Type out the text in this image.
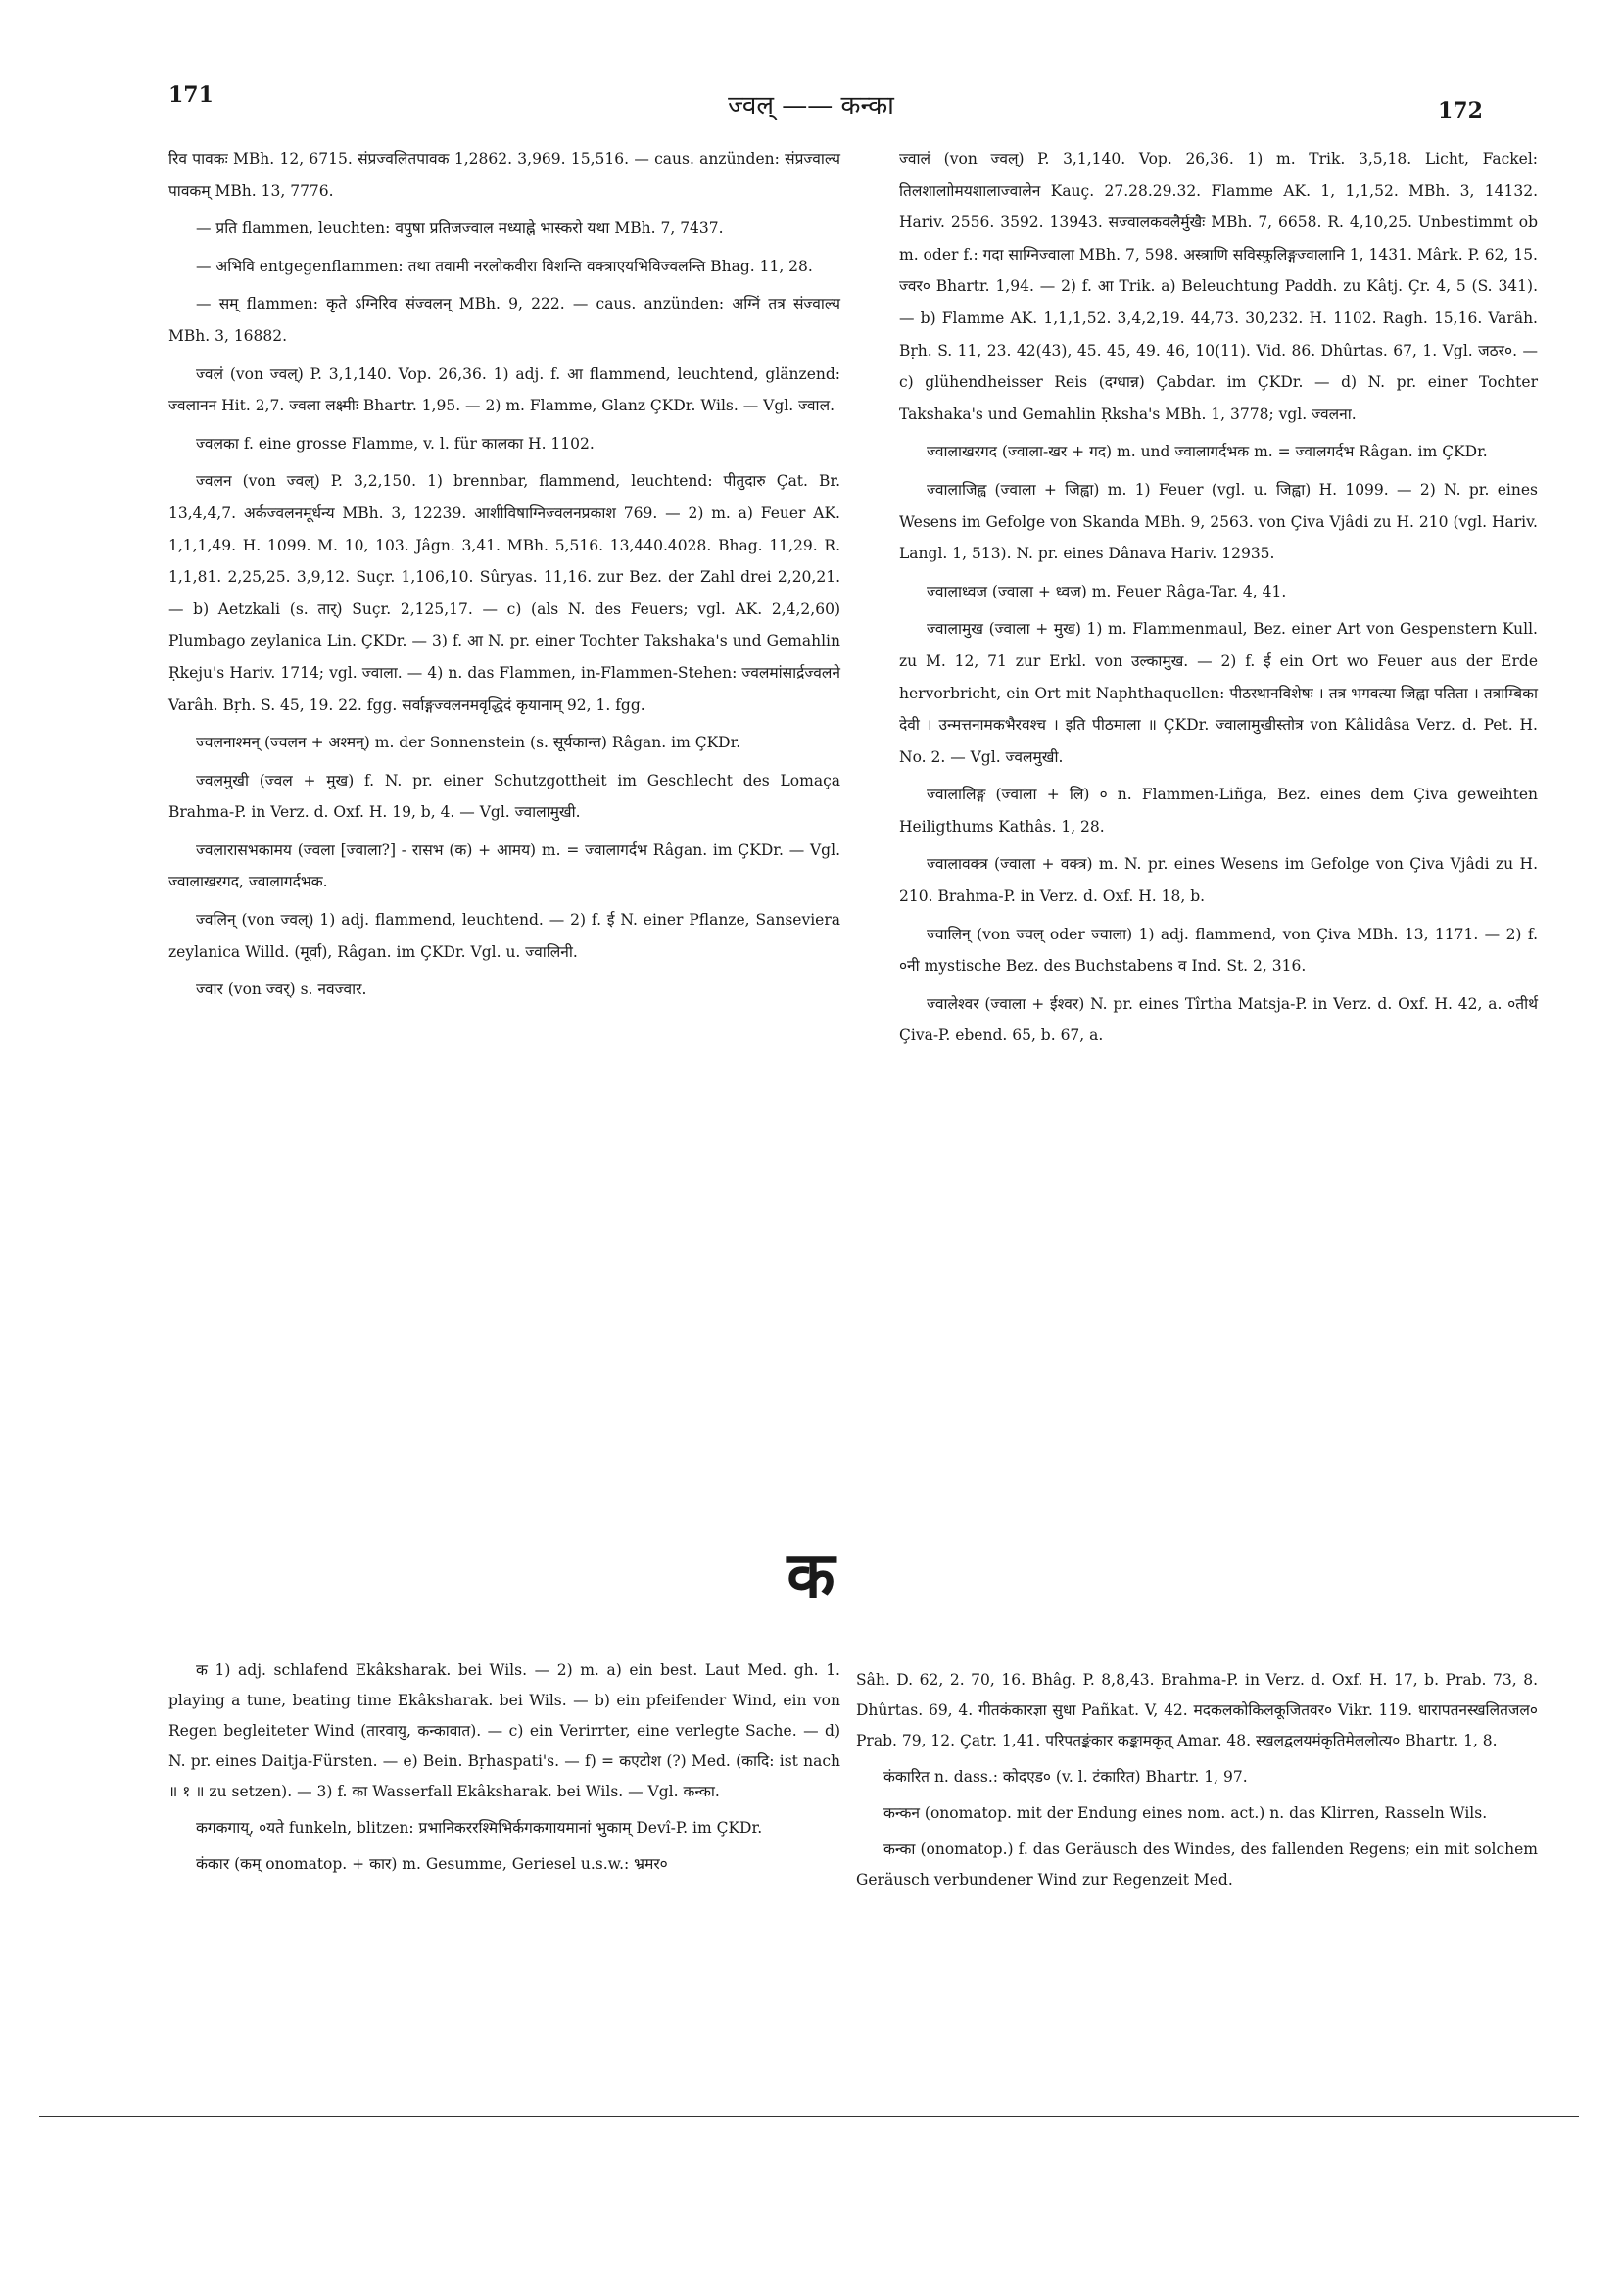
171	ज्वल् —— कन्का	172

रिव पावकः MBh. 12, 6715. संप्रज्वलितपावक 1,2862. 3,969. 15,516. — caus. anzünden: संप्रज्वाल्य पावकम् MBh. 13, 7776.

— प्रति flammen, leuchten: वपुषा प्रतिजज्वाल मध्याह्ने भास्करो यथा MBh. 7, 7437.

— अभिवि entgegenflammen: तथा तवामी नरलोकवीरा विशन्ति वक्त्राएयभिविज्वलन्ति Bhag. 11, 28.

— सम् flammen: कृते ऽग्निरिव संज्वलन् MBh. 9, 222. — caus. anzünden: अग्निं तत्र संज्वाल्य MBh. 3, 16882.

ज्वलं (von ज्वल्) P. 3,1,140. Vop. 26,36. 1) adj. f. आ flammend, leuchtend, glänzend: ज्वलानन Hit. 2,7. ज्वला लक्ष्मीः Bhartr. 1,95. — 2) m. Flamme, Glanz ÇKDr. Wils. — Vgl. ज्वाल.

ज्वलका f. eine grosse Flamme, v. l. für कालका H. 1102.

ज्वलन (von ज्वल्) P. 3,2,150. 1) brennbar, flammend, leuchtend: पीतुदारु Çat. Br. 13,4,4,7. अर्कज्वलनमूर्धन्य MBh. 3, 12239. आशीविषाग्निज्वलनप्रकाश 769. — 2) m. a) Feuer AK. 1,1,1,49. H. 1099. M. 10, 103. Jâgn. 3,41. MBh. 5,516. 13,440.4028. Bhag. 11,29. R. 1,1,81. 2,25,25. 3,9,12. Suçr. 1,106,10. Sûryas. 11,16. zur Bez. der Zahl drei 2,20,21. — b) Aetzkali (s. तार्) Suçr. 2,125,17. — c) (als N. des Feuers; vgl. AK. 2,4,2,60) Plumbago zeylanica Lin. ÇKDr. — 3) f. आ N. pr. einer Tochter Takshaka's und Gemahlin Ṛkeju's Hariv. 1714; vgl. ज्वाला. — 4) n. das Flammen, in-Flammen-Stehen: ज्वलमांसार्द्रज्वलने Varâh. Bṛh. S. 45, 19. 22. fgg. सर्वाङ्गज्वलनमवृद्धिदं कृयानाम् 92, 1. fgg.

ज्वलनाश्मन् (ज्वलन + अश्मन्) m. der Sonnenstein (s. सूर्यकान्त) Râgan. im ÇKDr.

ज्वलमुखी (ज्वल + मुख) f. N. pr. einer Schutzgottheit im Geschlecht des Lomaça Brahma-P. in Verz. d. Oxf. H. 19, b, 4. — Vgl. ज्वालामुखी.

ज्वलारासभकामय (ज्वला [ज्वाला?] - रासभ (क) + आमय) m. = ज्वालागर्दभ Râgan. im ÇKDr. — Vgl. ज्वालाखरगद, ज्वालागर्दभक.

ज्वलिन् (von ज्वल्) 1) adj. flammend, leuchtend. — 2) f. ई N. einer Pflanze, Sanseviera zeylanica Willd. (मूर्वा), Râgan. im ÇKDr. Vgl. u. ज्वालिनी.

ज्वार (von ज्वर्) s. नवज्वार.

ज्वालं (von ज्वल्) P. 3,1,140. Vop. 26,36. 1) m. Trik. 3,5,18. Licht, Fackel: तिलशालाोमयशालाज्वालेन Kauç. 27.28.29.32. Flamme AK. 1, 1,1,52. MBh. 3, 14132. Hariv. 2556. 3592. 13943. सज्वालकवलैर्मुखैः MBh. 7, 6658. R. 4,10,25. Unbestimmt ob m. oder f.: गदा साग्निज्वाला MBh. 7, 598. अस्त्राणि सविस्फुलिङ्गज्वालानि 1, 1431. Mârk. P. 62, 15. ज्वर० Bhartr. 1,94. — 2) f. आ Trik. a) Beleuchtung Paddh. zu Kâtj. Çr. 4, 5 (S. 341). — b) Flamme AK. 1,1,1,52. 3,4,2,19. 44,73. 30,232. H. 1102. Ragh. 15,16. Varâh. Bṛh. S. 11, 23. 42(43), 45. 45, 49. 46, 10(11). Vid. 86. Dhûrtas. 67, 1. Vgl. जठर०. — c) glühendheisser Reis (दग्धान्न) Çabdar. im ÇKDr. — d) N. pr. einer Tochter Takshaka's und Gemahlin Ṛksha's MBh. 1, 3778; vgl. ज्वलना.

ज्वालाखरगद (ज्वाला-खर + गद) m. und ज्वालागर्दभक m. = ज्वालगर्दभ Râgan. im ÇKDr.

ज्वालाजिह्व (ज्वाला + जिह्वा) m. 1) Feuer (vgl. u. जिह्वा) H. 1099. — 2) N. pr. eines Wesens im Gefolge von Skanda MBh. 9, 2563. von Çiva Vjâdi zu H. 210 (vgl. Hariv. Langl. 1, 513). N. pr. eines Dânava Hariv. 12935.

ज्वालाध्वज (ज्वाला + ध्वज) m. Feuer Râga-Tar. 4, 41.

ज्वालामुख (ज्वाला + मुख) 1) m. Flammenmaul, Bez. einer Art von Gespenstern Kull. zu M. 12, 71 zur Erkl. von उल्कामुख. — 2) f. ई ein Ort wo Feuer aus der Erde hervorbricht, ein Ort mit Naphthaquellen: पीठस्थानविशेषः । तत्र भगवत्या जिह्वा पतिता । तत्राम्बिका देवी । उन्मत्तनामकभैरवश्च । इति पीठमाला ॥ ÇKDr. ज्वालामुखीस्तोत्र von Kâlidâsa Verz. d. Pet. H. No. 2. — Vgl. ज्वलमुखी.

ज्वालालिङ्ग (ज्वाला + लि) ० n. Flammen-Liñga, Bez. eines dem Çiva geweihten Heiligthums Kathâs. 1, 28.

ज्वालावक्त्र (ज्वाला + वक्त्र) m. N. pr. eines Wesens im Gefolge von Çiva Vjâdi zu H. 210. Brahma-P. in Verz. d. Oxf. H. 18, b.

ज्वालिन् (von ज्वल् oder ज्वाला) 1) adj. flammend, von Çiva MBh. 13, 1171. — 2) f. ०नी mystische Bez. des Buchstabens व Ind. St. 2, 316.

ज्वालेश्वर (ज्वाला + ईश्वर) N. pr. eines Tîrtha Matsja-P. in Verz. d. Oxf. H. 42, a. ०तीर्थ Çiva-P. ebend. 65, b. 67, a.

क

क 1) adj. schlafend Ekâksharak. bei Wils. — 2) m. a) ein best. Laut Med. gh. 1. playing a tune, beating time Ekâksharak. bei Wils. — b) ein pfeifender Wind, ein von Regen begleiteter Wind (तारवायु, कन्कावात). — c) ein Verirrter, eine verlegte Sache. — d) N. pr. eines Daitja-Fürsten. — e) Bein. Bṛhaspati's. — f) = कएटोश (?) Med. (कादि: ist nach ॥ १ ॥ zu setzen). — 3) f. का Wasserfall Ekâksharak. bei Wils. — Vgl. कन्का.

कगकगाय्, ०यते funkeln, blitzen: प्रभानिकररश्मिभिर्कगकगायमानां भुकाम् Devî-P. im ÇKDr.

कंकार (कम् onomatop. + कार) m. Gesumme, Geriesel u.s.w.: भ्रमर०

Sâh. D. 62, 2. 70, 16. Bhâg. P. 8,8,43. Brahma-P. in Verz. d. Oxf. H. 17, b. Prab. 73, 8. Dhûrtas. 69, 4. गीतकंकारज्ञा सुधा Pañkat. V, 42. मदकलकोकिलकूजितवर० Vikr. 119. धारापतनस्खलितजल० Prab. 79, 12. Çatr. 1,41. परिपतङ्कंकार कङ्कामकृत् Amar. 48. स्खलद्वलयमंकृतिमेललोत्य० Bhartr. 1, 8.

कंकारित n. dass.: कोदएड० (v. l. टंकारित) Bhartr. 1, 97.

कन्कन (onomatop. mit der Endung eines nom. act.) n. das Klirren, Rasseln Wils.

कन्का (onomatop.) f. das Geräusch des Windes, des fallenden Regens; ein mit solchem Geräusch verbundener Wind zur Regenzeit Med.
